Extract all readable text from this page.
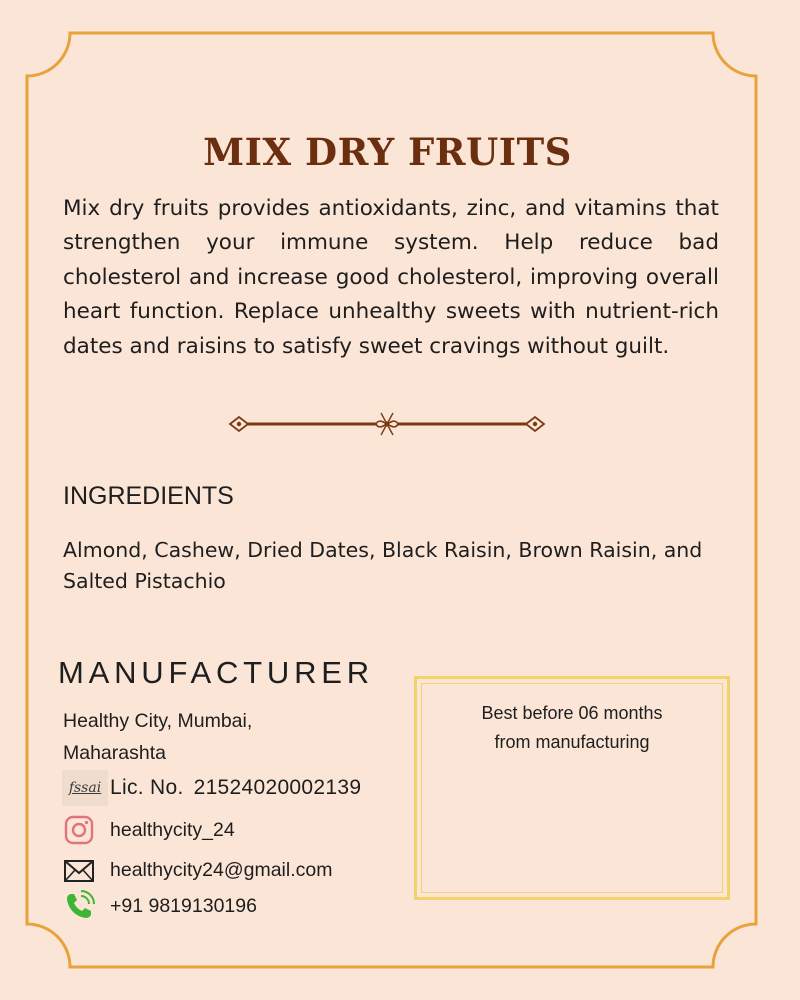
MIX DRY FRUITS
Mix dry fruits provides antioxidants, zinc, and vitamins that strengthen your immune system. Help reduce bad cholesterol and increase good cholesterol, improving overall heart function. Replace unhealthy sweets with nutrient-rich dates and raisins to satisfy sweet cravings without guilt.
INGREDIENTS
Almond, Cashew, Dried Dates, Black Raisin, Brown Raisin, and Salted Pistachio
MANUFACTURER
Healthy City, Mumbai,
Maharashta
fssai Lic. No. 21524020002139
healthycity_24
healthycity24@gmail.com
+91 9819130196
Best before 06 months
from manufacturing
